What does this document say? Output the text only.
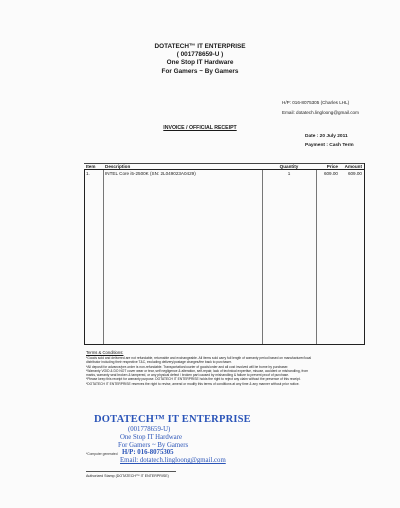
DOTATECH™ IT ENTERPRISE
( 001778659-U )
One Stop IT Hardware
For Gamers ~ By Gamers
H/P: 016-8075305 (Charles LHL)
Email: dotatech.lingloong@gmail.com
INVOICE / OFFICIAL RECEIPT
Date : 20 July 2011
Payment : Cash Term
Item	Description	Quantity	Price	Amount
1.	INTEL Core i5-2500K (SN: 2L049023A0429)	1	609.00	609.00
Terms & Conditions:
*Goods sold and delivered are not refundable, returnable and exchangeable. All items sold carry full length of warranty period based on manufacturer/local
distributor including their respective T&C, excluding delivery/postage charges/fee back to purchaser.
*All deposit for advance/pre-order is non-refundable. Transportation/courier of goods/order and all cost involved will be borne by purchaser.
*Warranty VOID & DO NOT cover wear or tear, self negligence & alteration, self-repair, lack of technical expertise, misuse, accident or mishandling, from
marks, warranty seal broken & tampered, or any physical defect / broken part caused by mishandling & failure to prevent proof of purchase.
*Please keep this receipt for warranty purpose. DOTATECH IT ENTERPRISE holds the right to reject any claim without the presence of this receipt.
*DOTATECH IT ENTERPRISE reserves the right to revise, amend or modify this terms of conditions at any time & any manner without prior notice.
DOTATECH™ IT ENTERPRISE
(001778659-U)
One Stop IT Hardware
For Gamers ~ By Gamers
H/P: 016-8075305
Email: dotatech.lingloong@gmail.com
*Computer generated
Authorized Stamp (DOTATECH™ IT ENTERPRISE)
